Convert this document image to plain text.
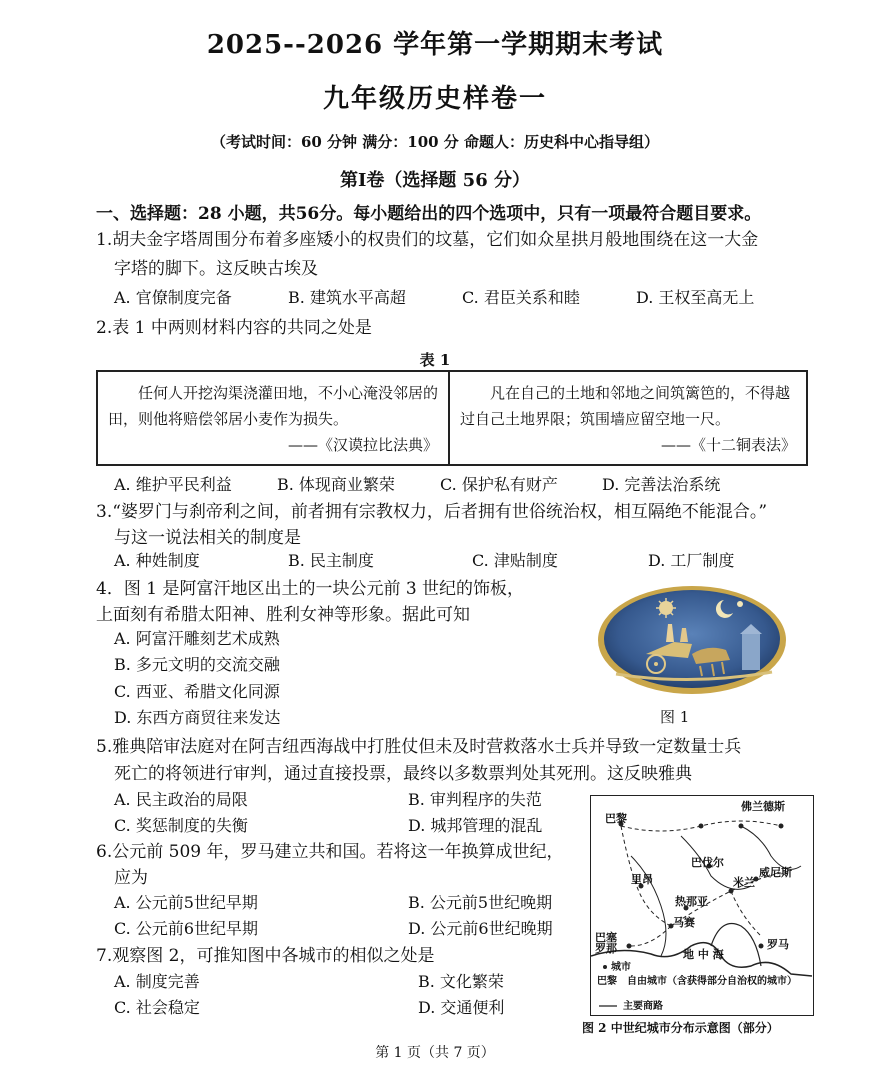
2025--2026 学年第一学期期末考试
九年级历史样卷一
（考试时间：60 分钟 满分：100 分 命题人：历史科中心指导组）
第Ⅰ卷（选择题 56 分）
一、选择题：28 小题，共56分。每小题给出的四个选项中，只有一项最符合题目要求。
1.胡夫金字塔周围分布着多座矮小的权贵们的坟墓，它们如众星拱月般地围绕在这一大金
字塔的脚下。这反映古埃及
A. 官僚制度完备	B. 建筑水平高超	C. 君臣关系和睦	D. 王权至高无上
2.表 1 中两则材料内容的共同之处是
表 1
任何人开挖沟渠浇灌田地，不小心淹没邻居的田，则他将赔偿邻居小麦作为损失。
——《汉谟拉比法典》
凡在自己的土地和邻地之间筑篱笆的，不得越过自己土地界限；筑围墙应留空地一尺。
——《十二铜表法》
A. 维护平民利益	B. 体现商业繁荣	C. 保护私有财产	D. 完善法治系统
3.“婆罗门与刹帝利之间，前者拥有宗教权力，后者拥有世俗统治权，相互隔绝不能混合。”
与这一说法相关的制度是
A. 种姓制度	B. 民主制度	C. 津贴制度	D. 工厂制度
4．图 1 是阿富汗地区出土的一块公元前 3 世纪的饰板，
上面刻有希腊太阳神、胜利女神等形象。据此可知
A. 阿富汗雕刻艺术成熟
B. 多元文明的交流交融
C. 西亚、希腊文化同源
D. 东西方商贸往来发达	图 1
5.雅典陪审法庭对在阿吉纽西海战中打胜仗但未及时营救落水士兵并导致一定数量士兵
死亡的将领进行审判，通过直接投票，最终以多数票判处其死刑。这反映雅典
A. 民主政治的局限	B. 审判程序的失范
C. 奖惩制度的失衡	D. 城邦管理的混乱
6.公元前 509 年，罗马建立共和国。若将这一年换算成世纪，
应为
A. 公元前5世纪早期	B. 公元前5世纪晚期
C. 公元前6世纪早期	D. 公元前6世纪晚期
7.观察图 2，可推知图中各城市的相似之处是
A. 制度完善	B. 文化繁荣
C. 社会稳定	D. 交通便利
佛兰德斯
巴黎
巴伐尔
里昂	米兰
威尼斯
热那亚
马赛
巴塞罗那	罗马
地 中 海
城市
巴黎 自由城市（含获得部分自治权的城市）
主要商路
图 2 中世纪城市分布示意图（部分）
第 1 页（共 7 页）
